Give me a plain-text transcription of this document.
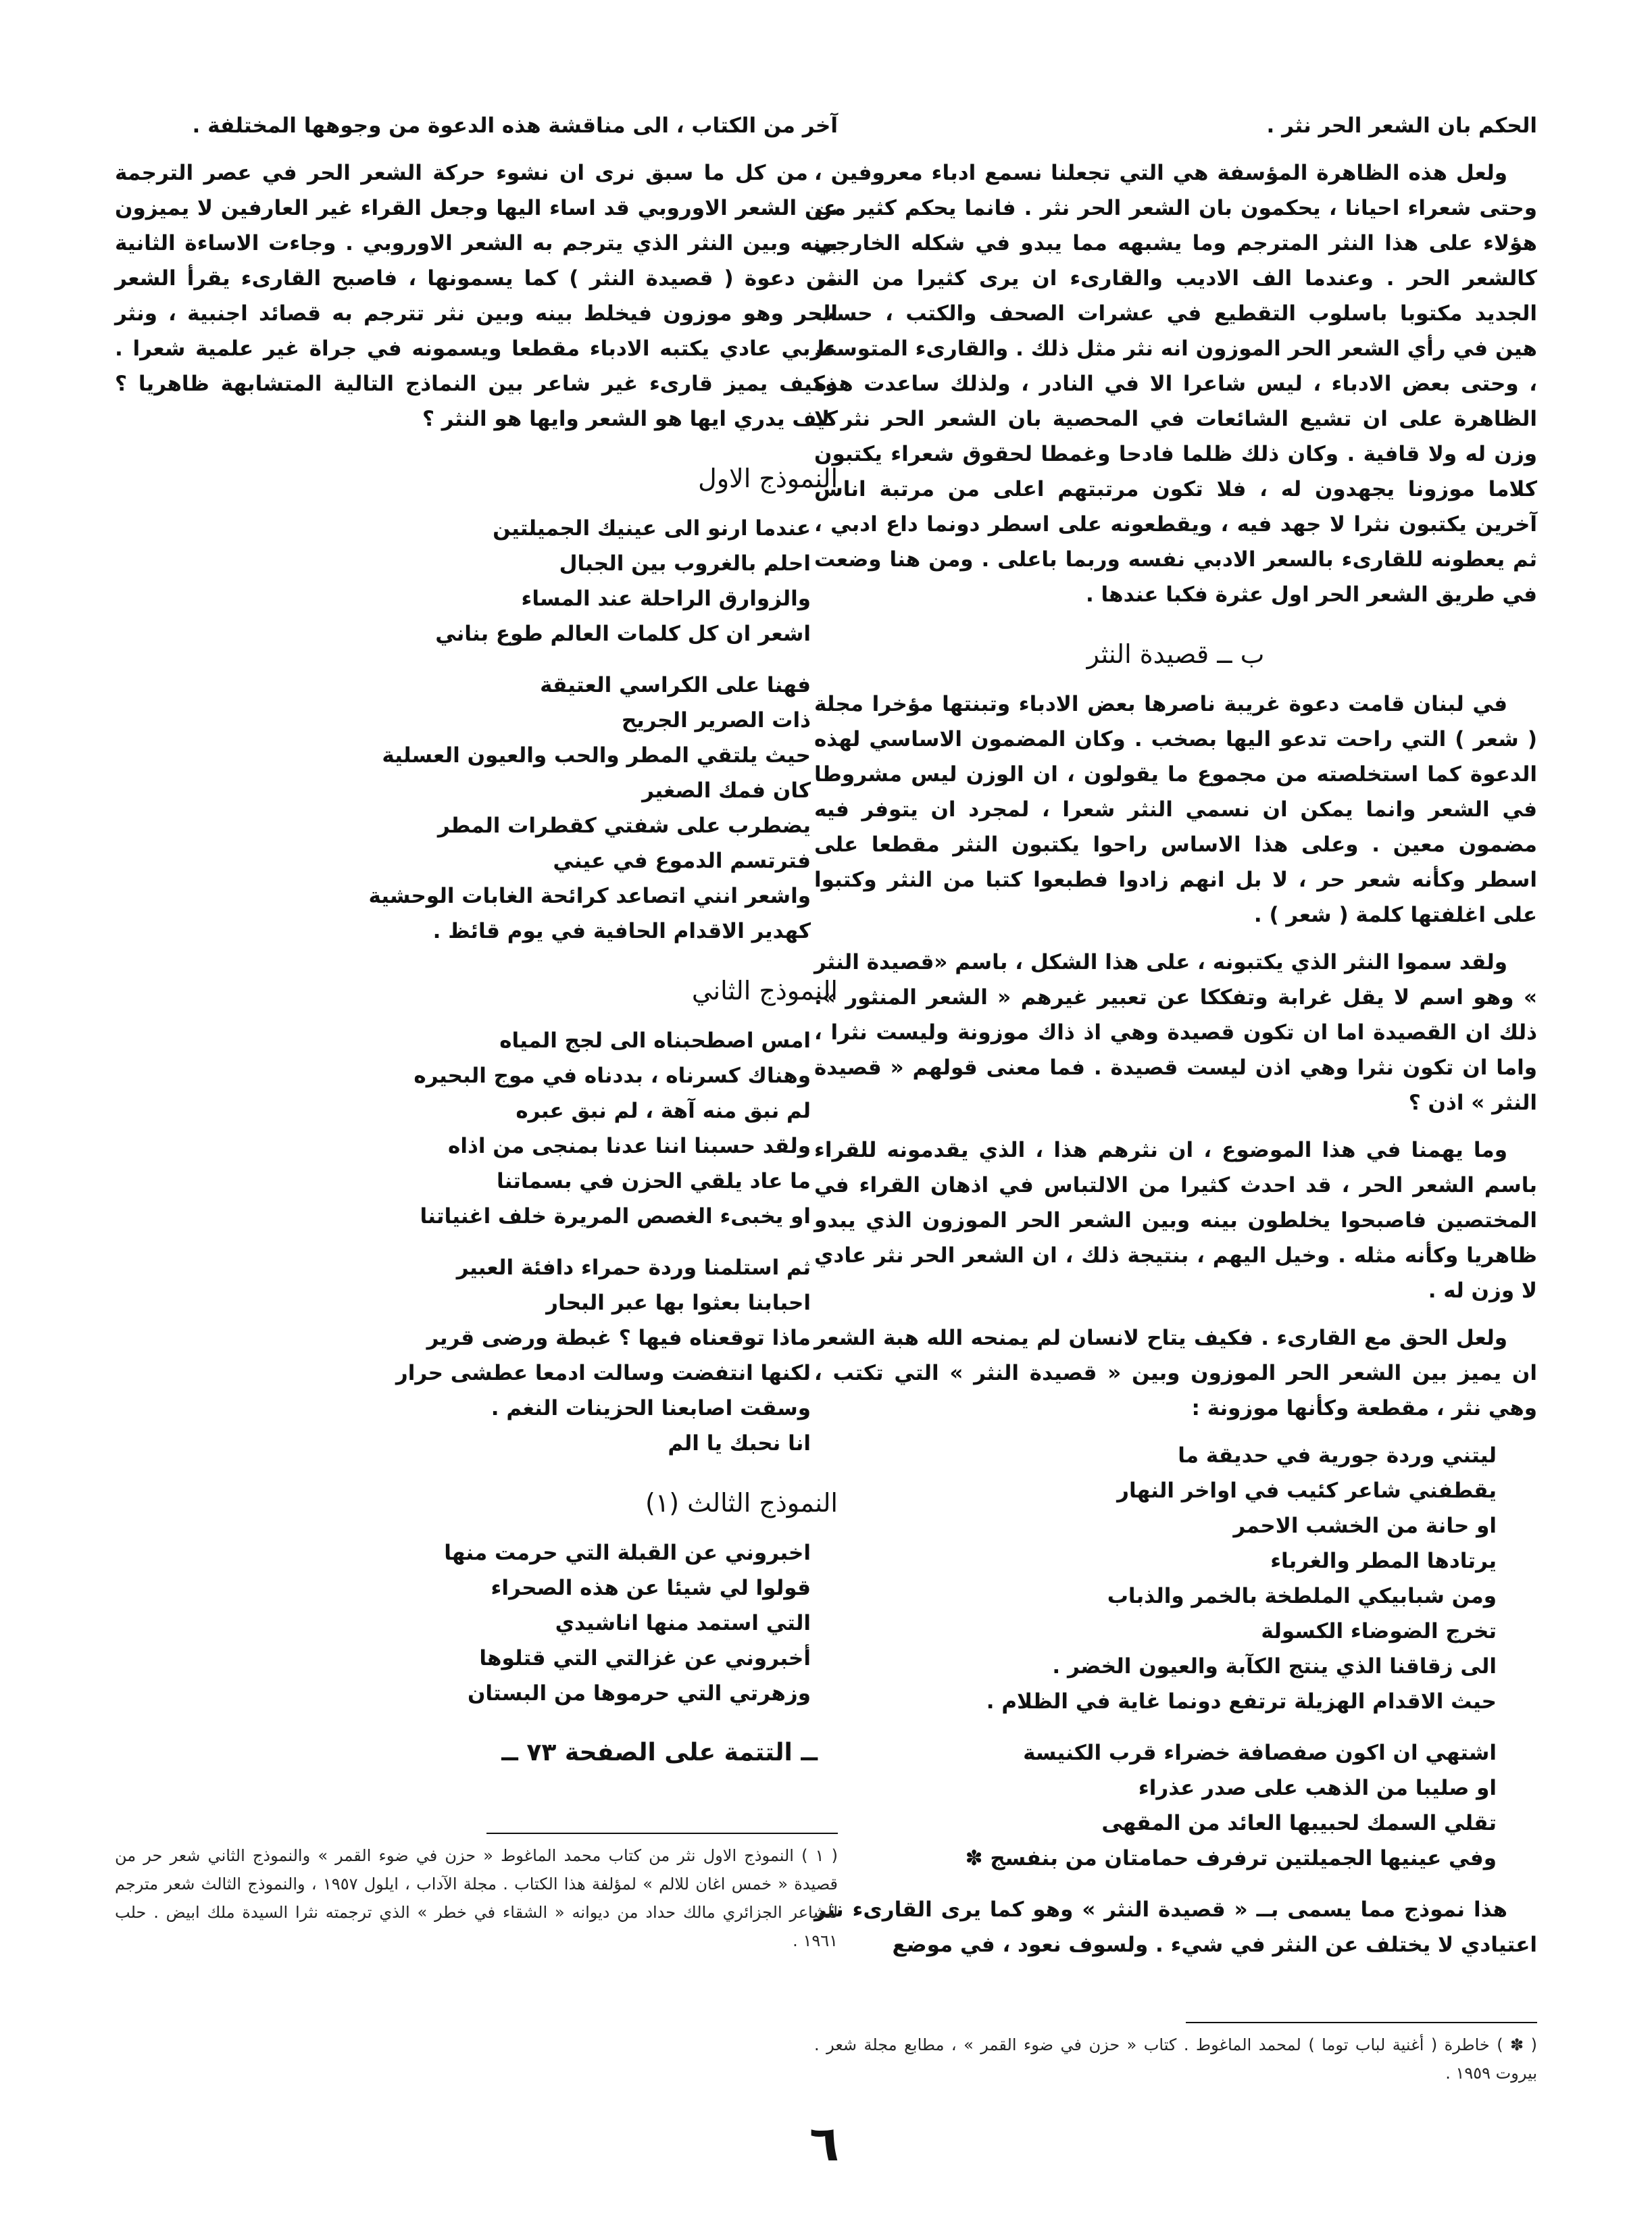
الحكم بان الشعر الحر نثر .

ولعل هذه الظاهرة المؤسفة هي التي تجعلنا نسمع ادباء معروفين ، وحتى شعراء احيانا ، يحكمون بان الشعر الحر نثر . فانما يحكم كثير من هؤلاء على هذا النثر المترجم وما يشبهه مما يبدو في شكله الخارجي كالشعر الحر . وعندما الف الاديب والقارىء ان يرى كثيرا من النثر الجديد مكتوبا باسلوب التقطيع في عشرات الصحف والكتب ، حسب هين في رأي الشعر الحر الموزون انه نثر مثل ذلك . والقارىء المتوسط ، وحتى بعض الادباء ، ليس شاعرا الا في النادر ، ولذلك ساعدت هذه الظاهرة على ان تشيع الشائعات في المحصية بان الشعر الحر نثر لا وزن له ولا قافية . وكان ذلك ظلما فادحا وغمطا لحقوق شعراء يكتبون كلاما موزونا يجهدون له ، فلا تكون مرتبتهم اعلى من مرتبة اناس آخرين يكتبون نثرا لا جهد فيه ، ويقطعونه على اسطر دونما داع ادبي ، ثم يعطونه للقارىء بالسعر الادبي نفسه وربما باعلى . ومن هنا وضعت في طريق الشعر الحر اول عثرة فكبا عندها .

ب ــ قصيدة النثر

في لبنان قامت دعوة غريبة ناصرها بعض الادباء وتبنتها مؤخرا مجلة ( شعر ) التي راحت تدعو اليها بصخب . وكان المضمون الاساسي لهذه الدعوة كما استخلصته من مجموع ما يقولون ، ان الوزن ليس مشروطا في الشعر وانما يمكن ان نسمي النثر شعرا ، لمجرد ان يتوفر فيه مضمون معين . وعلى هذا الاساس راحوا يكتبون النثر مقطعا على اسطر وكأنه شعر حر ، لا بل انهم زادوا فطبعوا كتبا من النثر وكتبوا على اغلفتها كلمة ( شعر ) .

ولقد سموا النثر الذي يكتبونه ، على هذا الشكل ، باسم «قصيدة النثر » وهو اسم لا يقل غرابة وتفككا عن تعبير غيرهم « الشعر المنثور ». ذلك ان القصيدة اما ان تكون قصيدة وهي اذ ذاك موزونة وليست نثرا ، واما ان تكون نثرا وهي اذن ليست قصيدة . فما معنى قولهم « قصيدة النثر » اذن ؟

وما يهمنا في هذا الموضوع ، ان نثرهم هذا ، الذي يقدمونه للقراء باسم الشعر الحر ، قد احدث كثيرا من الالتباس في اذهان القراء في المختصين فاصبحوا يخلطون بينه وبين الشعر الحر الموزون الذي يبدو ظاهريا وكأنه مثله . وخيل اليهم ، بنتيجة ذلك ، ان الشعر الحر نثر عادي لا وزن له .

ولعل الحق مع القارىء . فكيف يتاح لانسان لم يمنحه الله هبة الشعر ان يميز بين الشعر الحر الموزون وبين « قصيدة النثر » التي تكتب ، وهي نثر ، مقطعة وكأنها موزونة :

ليتني وردة جورية في حديقة ما
يقطفني شاعر كئيب في اواخر النهار
او حانة من الخشب الاحمر
يرتادها المطر والغرباء
ومن شبابيكي الملطخة بالخمر والذباب
تخرج الضوضاء الكسولة
الى زقاقنا الذي ينتج الكآبة والعيون الخضر .
حيث الاقدام الهزيلة ترتفع دونما غاية في الظلام .
اشتهي ان اكون صفصافة خضراء قرب الكنيسة
او صليبا من الذهب على صدر عذراء
تقلي السمك لحبيبها العائد من المقهى
وفي عينيها الجميلتين ترفرف حمامتان من بنفسج ✽

هذا نموذج مما يسمى بــ « قصيدة النثر » وهو كما يرى القارىء نثر اعتيادي لا يختلف عن النثر في شيء . ولسوف نعود ، في موضع

( ✽ ) خاطرة ( أغنية لباب توما ) لمحمد الماغوط . كتاب « حزن في ضوء القمر » ، مطابع مجلة شعر . بيروت ١٩٥٩ .

آخر من الكتاب ، الى مناقشة هذه الدعوة من وجوهها المختلفة .

من كل ما سبق نرى ان نشوء حركة الشعر الحر في عصر الترجمة عن الشعر الاوروبي قد اساء اليها وجعل القراء غير العارفين لا يميزون بينه وبين النثر الذي يترجم به الشعر الاوروبي . وجاءت الاساءة الثانية من دعوة ( قصيدة النثر ) كما يسمونها ، فاصبح القارىء يقرأ الشعر الحر وهو موزون فيخلط بينه وبين نثر تترجم به قصائد اجنبية ، ونثر عربي عادي يكتبه الادباء مقطعا ويسمونه في جراة غير علمية شعرا . وكيف يميز قارىء غير شاعر بين النماذج التالية المتشابهة ظاهريا ؟ كيف يدري ايها هو الشعر وايها هو النثر ؟

النموذج الاول
عندما ارنو الى عينيك الجميلتين
احلم بالغروب بين الجبال
والزوارق الراحلة عند المساء
اشعر ان كل كلمات العالم طوع بناني
فهنا على الكراسي العتيقة
ذات الصرير الجريح
حيث يلتقي المطر والحب والعيون العسلية
كان فمك الصغير
يضطرب على شفتي كقطرات المطر
فترتسم الدموع في عيني
واشعر انني اتصاعد كرائحة الغابات الوحشية
كهدير الاقدام الحافية في يوم قائظ .
النموذج الثاني
امس اصطحبناه الى لجج المياه
وهناك كسرناه ، بددناه في موج البحيره
لم نبق منه آهة ، لم نبق عبره
ولقد حسبنا اننا عدنا بمنجى من اذاه
ما عاد يلقي الحزن في بسماتنا
او يخبىء الغصص المريرة خلف اغنياتنا
ثم استلمنا وردة حمراء دافئة العبير
احبابنا بعثوا بها عبر البحار
ماذا توقعناه فيها ؟ غبطة ورضى قرير
لكنها انتفضت وسالت ادمعا عطشى حرار
وسقت اصابعنا الحزينات النغم .
انا نحبك يا الم
النموذج الثالث (١)
اخبروني عن القبلة التي حرمت منها
قولوا لي شيئا عن هذه الصحراء
التي استمد منها اناشيدي
أخبروني عن غزالتي التي قتلوها
وزهرتي التي حرموها من البستان
ــ التتمة على الصفحة ٧٣ ــ
( ١ ) النموذج الاول نثر من كتاب محمد الماغوط « حزن في ضوء القمر » والنموذج الثاني شعر حر من قصيدة « خمس اغان للالم » لمؤلفة هذا الكتاب . مجلة الآداب ، ايلول ١٩٥٧ ، والنموذج الثالث شعر مترجم للشاعر الجزائري مالك حداد من ديوانه « الشقاء في خطر » الذي ترجمته نثرا السيدة ملك ابيض . حلب ١٩٦١ .
٦
